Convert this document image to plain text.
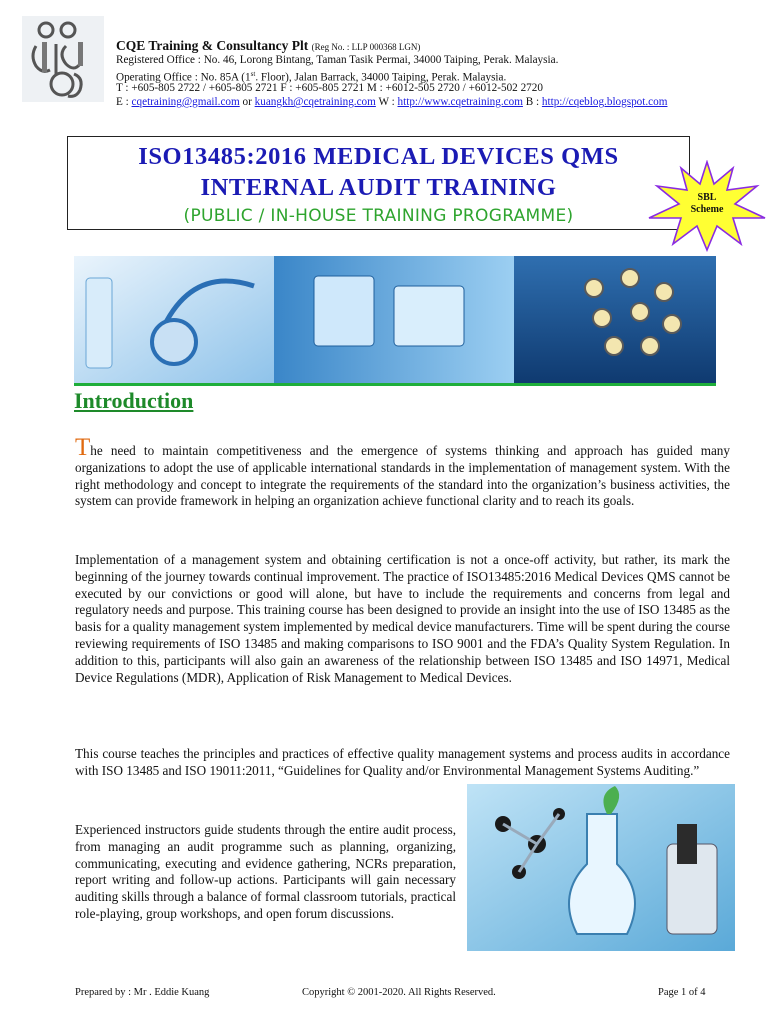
CQE Training & Consultancy Plt (Reg No. : LLP 000368 LGN)
Registered Office : No. 46, Lorong Bintang, Taman Tasik Permai, 34000 Taiping, Perak. Malaysia.
Operating Office : No. 85A (1st. Floor), Jalan Barrack, 34000 Taiping, Perak. Malaysia.
T : +605-805 2722 / +605-805 2721 F : +605-805 2721 M : +6012-505 2720 / +6012-502 2720
E : cqetraining@gmail.com or kuangkh@cqetraining.com W : http://www.cqetraining.com B : http://cqeblog.blogspot.com
ISO13485:2016 MEDICAL DEVICES QMS
INTERNAL AUDIT TRAINING
(PUBLIC / IN-HOUSE TRAINING PROGRAMME)
SBL
Scheme
Introduction
The need to maintain competitiveness and the emergence of systems thinking and approach has guided many organizations to adopt the use of applicable international standards in the implementation of management system. With the right methodology and concept to integrate the requirements of the standard into the organization’s business activities, the system can provide framework in helping an organization achieve functional clarity and to reach its goals.
Implementation of a management system and obtaining certification is not a once-off activity, but rather, its mark the beginning of the journey towards continual improvement. The practice of ISO13485:2016 Medical Devices QMS cannot be executed by our convictions or good will alone, but have to include the requirements and concerns from legal and regulatory needs and purpose. This training course has been designed to provide an insight into the use of ISO 13485 as the basis for a quality management system implemented by medical device manufacturers. Time will be spent during the course reviewing requirements of ISO 13485 and making comparisons to ISO 9001 and the FDA’s Quality System Regulation. In addition to this, participants will also gain an awareness of the relationship between ISO 13485 and ISO 14971, Medical Device Regulations (MDR), Application of Risk Management to Medical Devices.
This course teaches the principles and practices of effective quality management systems and process audits in accordance with ISO 13485 and ISO 19011:2011, “Guidelines for Quality and/or Environmental Management Systems Auditing.”
Experienced instructors guide students through the entire audit process, from managing an audit programme such as planning, organizing, communicating, executing and evidence gathering, NCRs preparation, report writing and follow-up actions. Participants will gain necessary auditing skills through a balance of formal classroom tutorials, practical role-playing, group workshops, and open forum discussions.
Prepared by : Mr . Eddie Kuang	Copyright © 2001-2020. All Rights Reserved.	Page 1 of 4
